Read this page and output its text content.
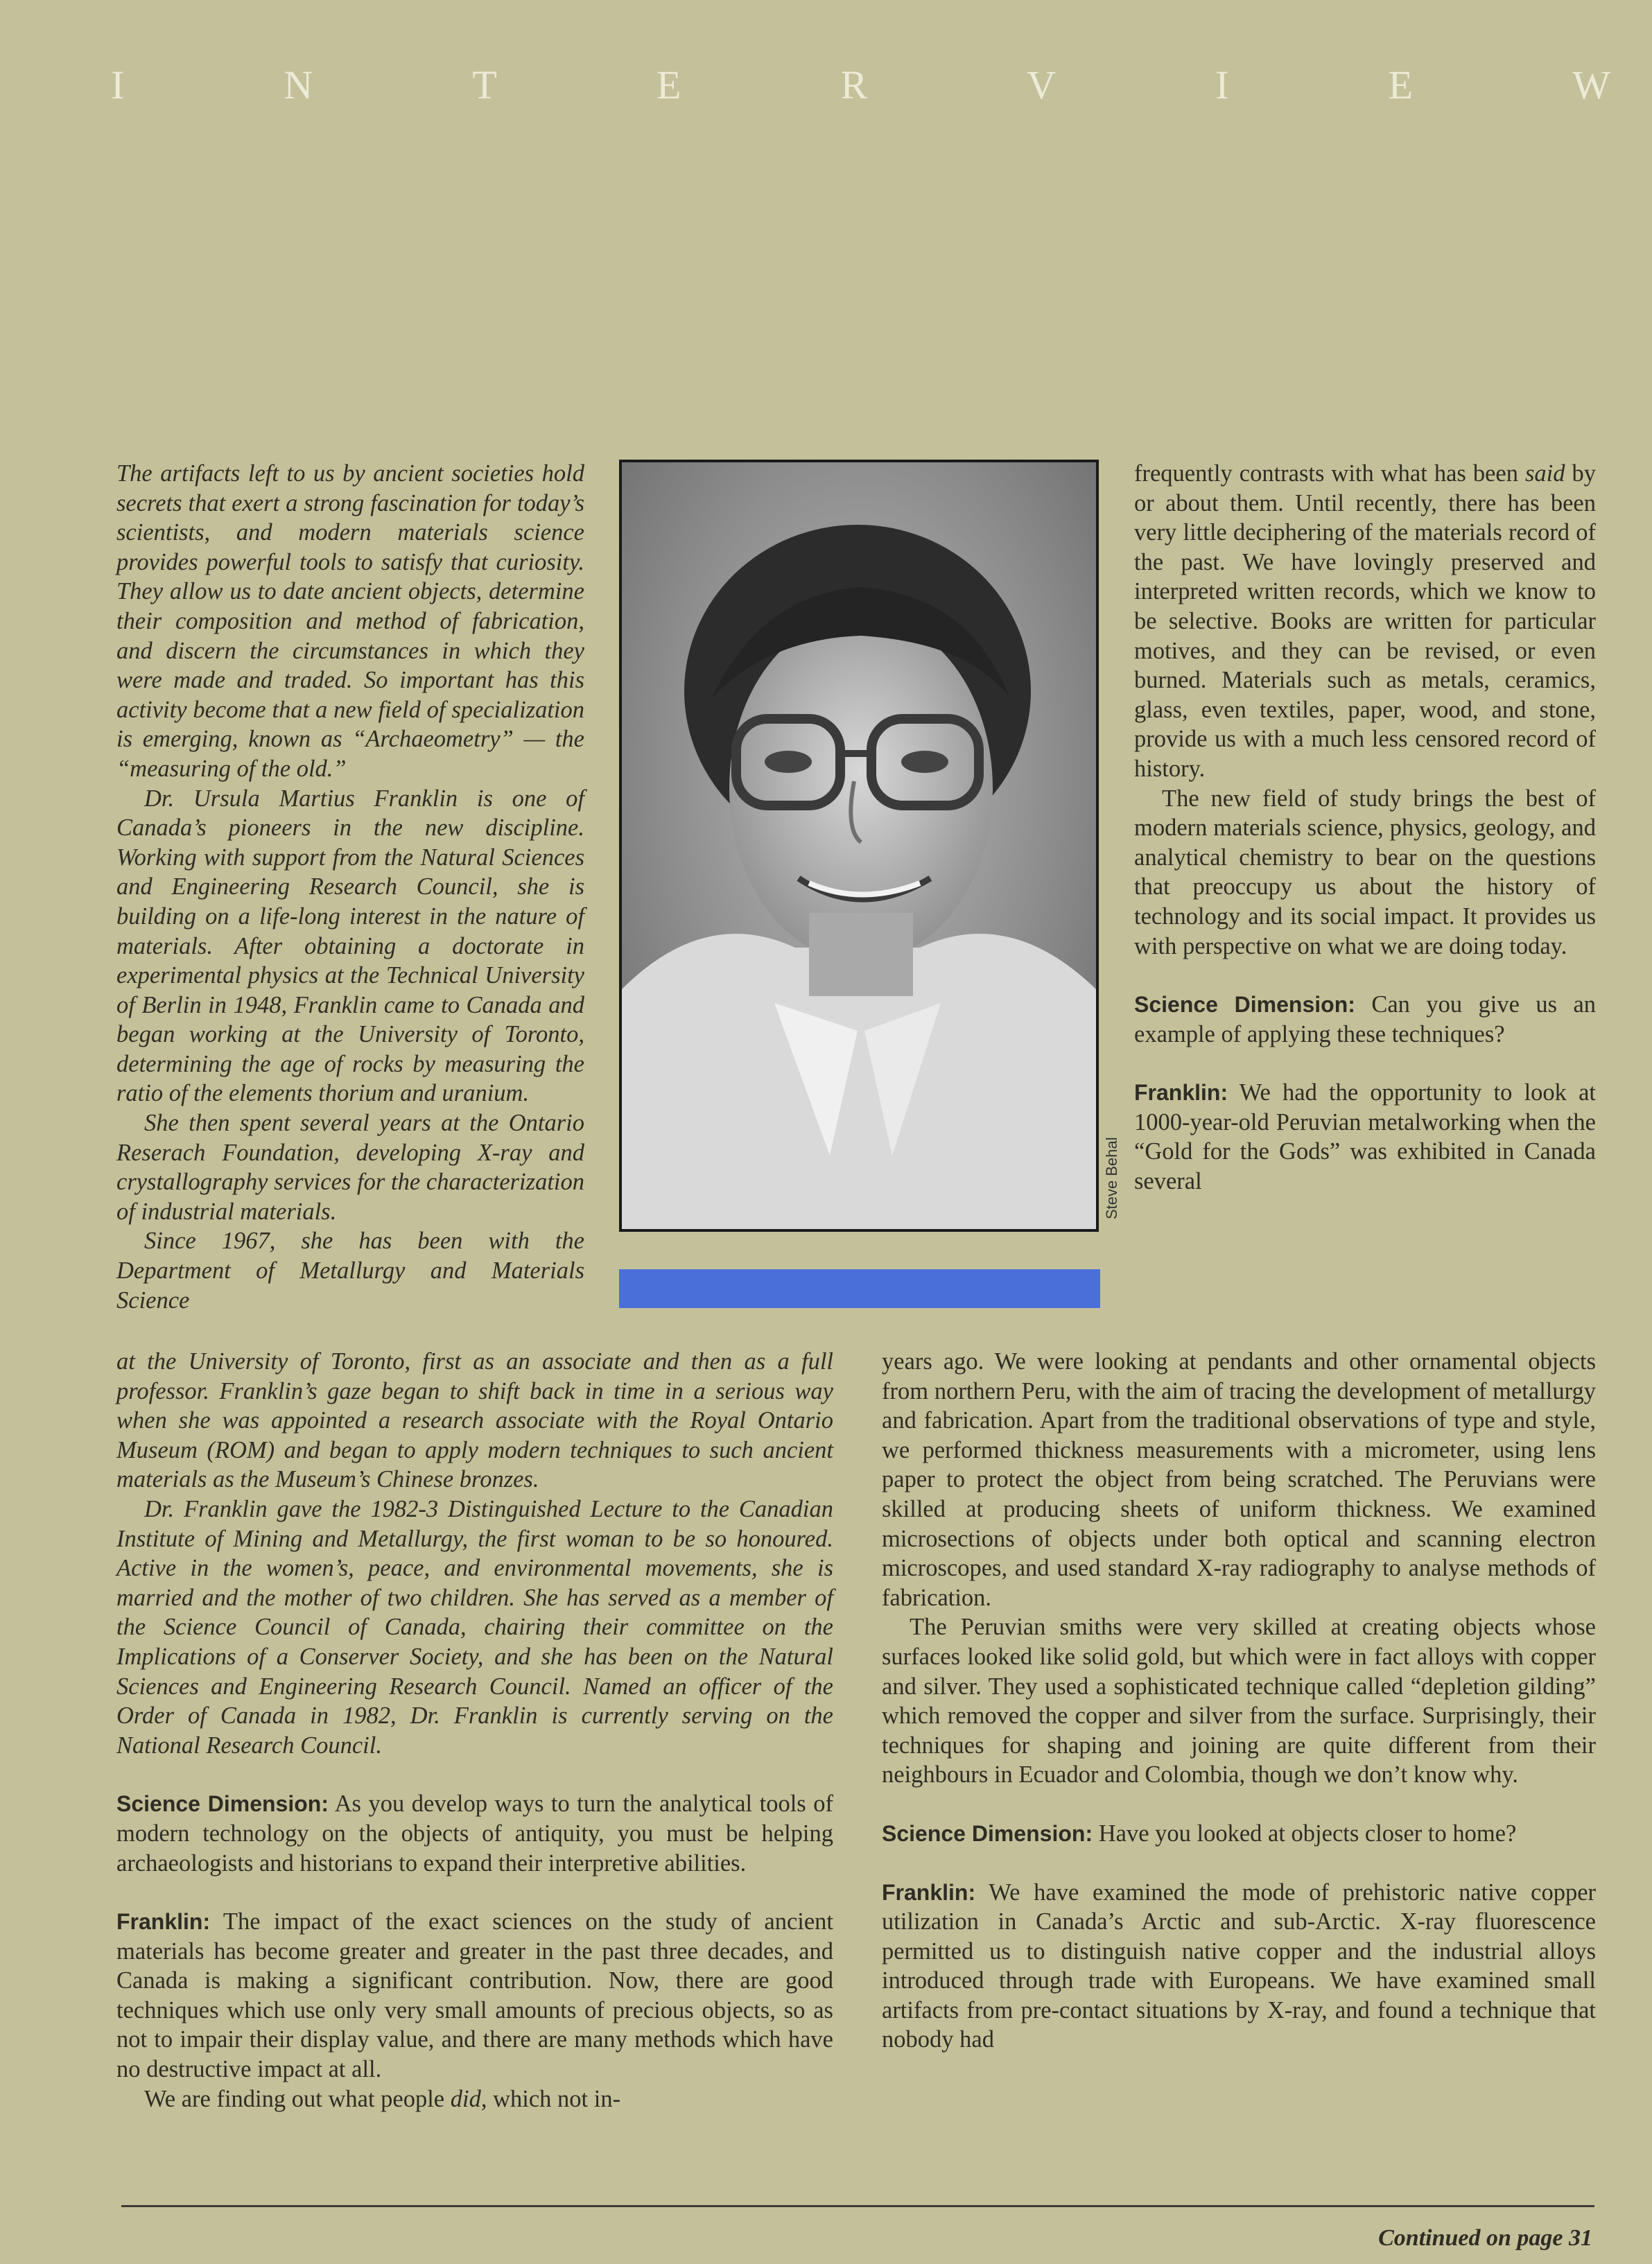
I	N	T	E	R	V	I	E	W

The artifacts left to us by ancient societies hold secrets that exert a strong fascination for today’s scientists, and modern materials science provides powerful tools to satisfy that curiosity. They allow us to date ancient objects, determine their composition and method of fabrication, and discern the circumstances in which they were made and traded. So important has this activity become that a new field of specialization is emerging, known as “Archaeometry” — the “measuring of the old.”

Dr. Ursula Martius Franklin is one of Canada’s pioneers in the new discipline. Working with support from the Natural Sciences and Engineering Research Council, she is building on a life-long interest in the nature of materials. After obtaining a doctorate in experimental physics at the Technical University of Berlin in 1948, Franklin came to Canada and began working at the University of Toronto, determining the age of rocks by measuring the ratio of the elements thorium and uranium.

She then spent several years at the Ontario Reserach Foundation, developing X-ray and crystallography services for the characterization of industrial materials.

Since 1967, she has been with the Department of Metallurgy and Materials Science

at the University of Toronto, first as an associate and then as a full professor. Franklin’s gaze began to shift back in time in a serious way when she was appointed a research associate with the Royal Ontario Museum (ROM) and began to apply modern techniques to such ancient materials as the Museum’s Chinese bronzes.

Dr. Franklin gave the 1982-3 Distinguished Lecture to the Canadian Institute of Mining and Metallurgy, the first woman to be so honoured. Active in the women’s, peace, and environmental movements, she is married and the mother of two children. She has served as a member of the Science Council of Canada, chairing their committee on the Implications of a Conserver Society, and she has been on the Natural Sciences and Engineering Research Council. Named an officer of the Order of Canada in 1982, Dr. Franklin is currently serving on the National Research Council.

Science Dimension: As you develop ways to turn the analytical tools of modern technology on the objects of antiquity, you must be helping archaeologists and historians to expand their interpretive abilities.

Franklin: The impact of the exact sciences on the study of ancient materials has become greater and greater in the past three decades, and Canada is making a significant contribution. Now, there are good techniques which use only very small amounts of precious objects, so as not to impair their display value, and there are many methods which have no destructive impact at all.

We are finding out what people did, which not in-

Steve Behal

frequently contrasts with what has been said by or about them. Until recently, there has been very little deciphering of the materials record of the past. We have lovingly preserved and interpreted written records, which we know to be selective. Books are written for particular motives, and they can be revised, or even burned. Materials such as metals, ceramics, glass, even textiles, paper, wood, and stone, provide us with a much less censored record of history.

The new field of study brings the best of modern materials science, physics, geology, and analytical chemistry to bear on the questions that preoccupy us about the history of technology and its social impact. It provides us with perspective on what we are doing today.

Science Dimension: Can you give us an example of applying these techniques?

Franklin: We had the opportunity to look at 1000-year-old Peruvian metalworking when the “Gold for the Gods” was exhibited in Canada several

years ago. We were looking at pendants and other ornamental objects from northern Peru, with the aim of tracing the development of metallurgy and fabrication. Apart from the traditional observations of type and style, we performed thickness measurements with a micrometer, using lens paper to protect the object from being scratched. The Peruvians were skilled at producing sheets of uniform thickness. We examined microsections of objects under both optical and scanning electron microscopes, and used standard X-ray radiography to analyse methods of fabrication.

The Peruvian smiths were very skilled at creating objects whose surfaces looked like solid gold, but which were in fact alloys with copper and silver. They used a sophisticated technique called “depletion gilding” which removed the copper and silver from the surface. Surprisingly, their techniques for shaping and joining are quite different from their neighbours in Ecuador and Colombia, though we don’t know why.

Science Dimension: Have you looked at objects closer to home?

Franklin: We have examined the mode of prehistoric native copper utilization in Canada’s Arctic and sub-Arctic. X-ray fluorescence permitted us to distinguish native copper and the industrial alloys introduced through trade with Europeans. We have examined small artifacts from pre-contact situations by X-ray, and found a technique that nobody had

Continued on page 31
